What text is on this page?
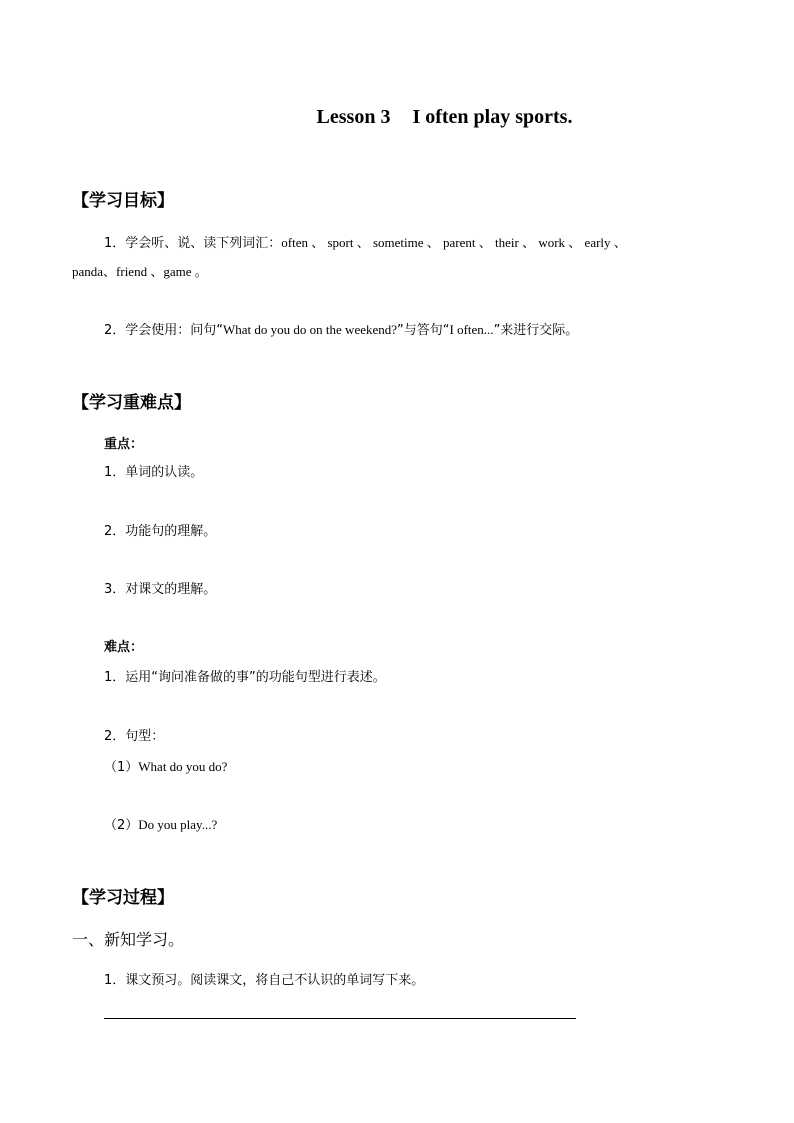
Lesson 3 I often play sports.
【学习目标】
1．学会听、说、读下列词汇：often 、 sport 、 sometime 、 parent 、 their 、 work 、 early 、
panda、friend 、game 。
2．学会使用：问句“What do you do on the weekend?”与答句“I often...”来进行交际。
【学习重难点】
重点：
1．单词的认读。
2．功能句的理解。
3．对课文的理解。
难点：
1．运用“询问准备做的事”的功能句型进行表述。
2．句型：
（1）What do you do?
（2）Do you play...?
【学习过程】
一、新知学习。
1．课文预习。阅读课文，将自己不认识的单词写下来。
